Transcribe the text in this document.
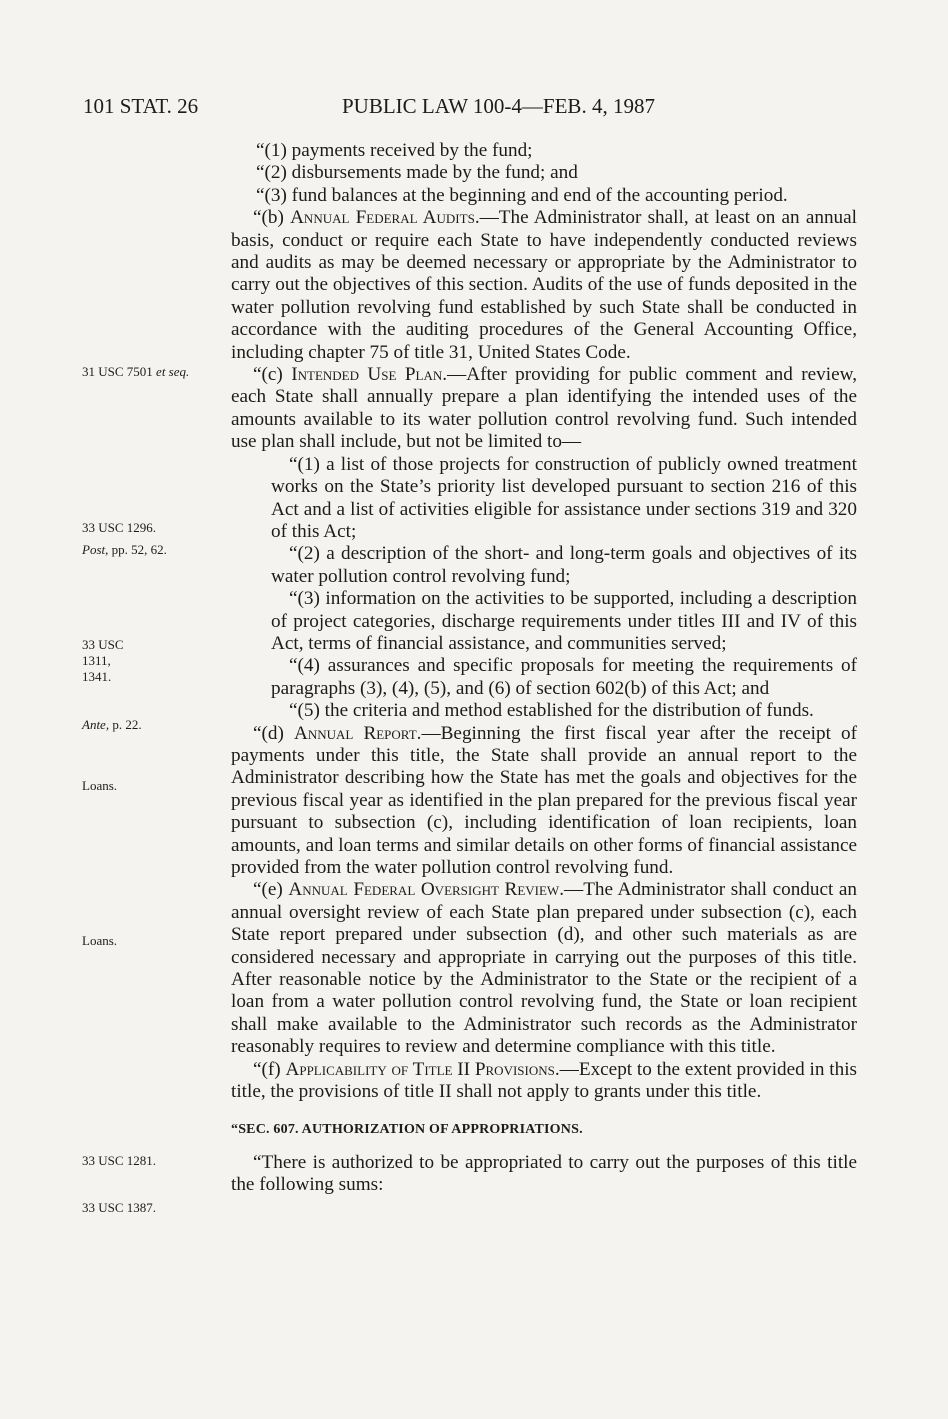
101 STAT. 26	PUBLIC LAW 100-4—FEB. 4, 1987
31 USC 7501 et seq.
33 USC 1296.
Post, pp. 52, 62.
33 USC 1311, 1341.
Ante, p. 22.
Loans.
Loans.
33 USC 1281.
33 USC 1387.

“(1) payments received by the fund;

“(2) disbursements made by the fund; and

“(3) fund balances at the beginning and end of the accounting period.

“(b) Annual Federal Audits.—The Administrator shall, at least on an annual basis, conduct or require each State to have independently conducted reviews and audits as may be deemed necessary or appropriate by the Administrator to carry out the objectives of this section. Audits of the use of funds deposited in the water pollution revolving fund established by such State shall be conducted in accordance with the auditing procedures of the General Accounting Office, including chapter 75 of title 31, United States Code.

“(c) Intended Use Plan.—After providing for public comment and review, each State shall annually prepare a plan identifying the intended uses of the amounts available to its water pollution control revolving fund. Such intended use plan shall include, but not be limited to—

“(1) a list of those projects for construction of publicly owned treatment works on the State’s priority list developed pursuant to section 216 of this Act and a list of activities eligible for assistance under sections 319 and 320 of this Act;

“(2) a description of the short- and long-term goals and objectives of its water pollution control revolving fund;

“(3) information on the activities to be supported, including a description of project categories, discharge requirements under titles III and IV of this Act, terms of financial assistance, and communities served;

“(4) assurances and specific proposals for meeting the requirements of paragraphs (3), (4), (5), and (6) of section 602(b) of this Act; and

“(5) the criteria and method established for the distribution of funds.

“(d) Annual Report.—Beginning the first fiscal year after the receipt of payments under this title, the State shall provide an annual report to the Administrator describing how the State has met the goals and objectives for the previous fiscal year as identified in the plan prepared for the previous fiscal year pursuant to subsection (c), including identification of loan recipients, loan amounts, and loan terms and similar details on other forms of financial assistance provided from the water pollution control revolving fund.

“(e) Annual Federal Oversight Review.—The Administrator shall conduct an annual oversight review of each State plan prepared under subsection (c), each State report prepared under subsection (d), and other such materials as are considered necessary and appropriate in carrying out the purposes of this title. After reasonable notice by the Administrator to the State or the recipient of a loan from a water pollution control revolving fund, the State or loan recipient shall make available to the Administrator such records as the Administrator reasonably requires to review and determine compliance with this title.

“(f) Applicability of Title II Provisions.—Except to the extent provided in this title, the provisions of title II shall not apply to grants under this title.

“SEC. 607. AUTHORIZATION OF APPROPRIATIONS.

“There is authorized to be appropriated to carry out the purposes of this title the following sums:
